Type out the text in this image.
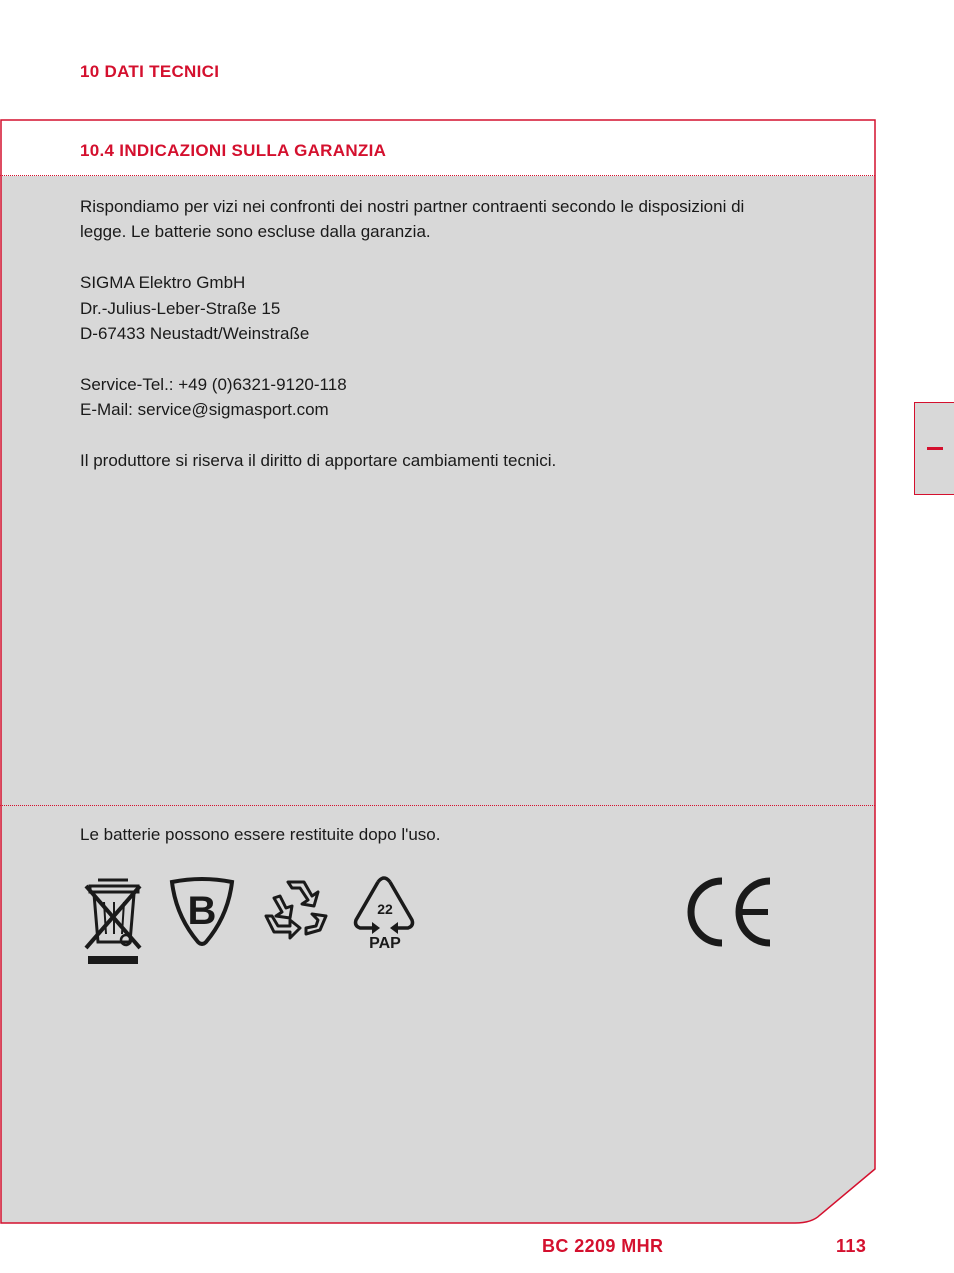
10 DATI TECNICI
10.4 INDICAZIONI SULLA GARANZIA

Rispondiamo per vizi nei confronti dei nostri partner contraenti secondo le disposizioni di

legge. Le batterie sono escluse dalla garanzia.

SIGMA Elektro GmbH

Dr.-Julius-Leber-Straße 15

D-67433 Neustadt/Weinstraße

Service-Tel.: +49 (0)6321-9120-118

E-Mail: service@sigmasport.com

Il produttore si riserva il diritto di apportare cambiamenti tecnici.

Le batterie possono essere restituite dopo l'uso.
B	22
PAP
BC 2209 MHR	113
